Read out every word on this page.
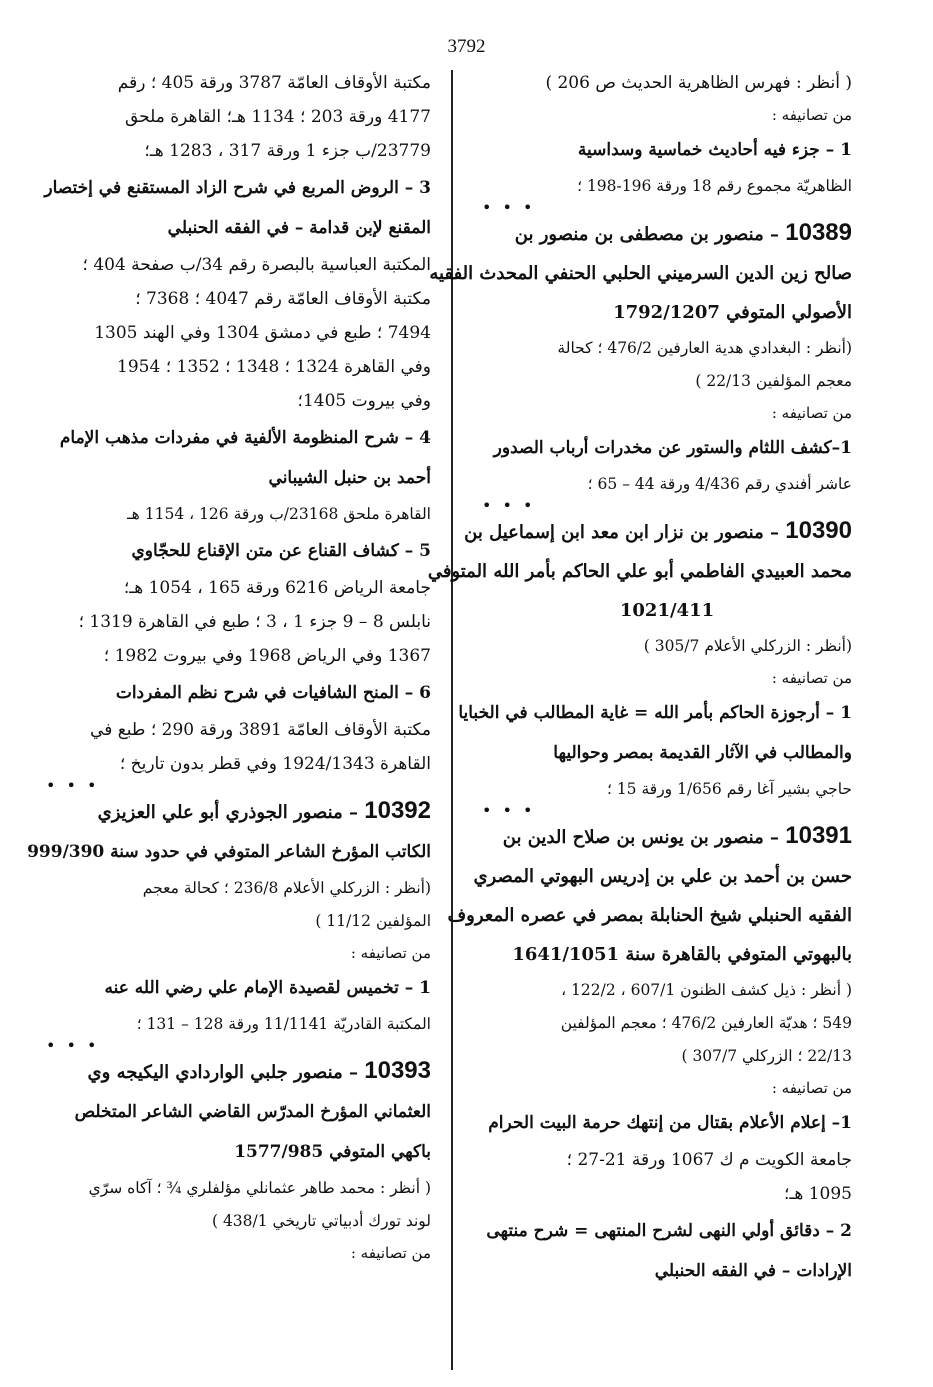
3792

( أنظر : فهرس الظاهرية الحديث ص 206 )

من تصانيفه :

1 – جزء فيه أحاديث خماسية وسداسية

الظاهريّة مجموع رقم 18 ورقة 196-198 ؛

• • •

10389 – منصور بن مصطفى بن منصور بن

صالح زين الدين السرميني الحلبي الحنفي المحدث الفقيه

الأصولي المتوفي 1792/1207

(أنظر : البغدادي هدية العارفين 476/2 ؛ كحالة

معجم المؤلفين 22/13 )

من تصانيفه :

1–كشف اللثام والستور عن مخدرات أرباب الصدور

عاشر أفندي رقم 4/436 ورقة 44 – 65 ؛

• • •

10390 – منصور بن نزار ابن معد ابن إسماعيل بن

محمد العبيدي الفاطمي أبو علي الحاكم بأمر الله المتوفي

1021/411

(أنظر : الزركلي الأعلام 305/7 )

من تصانيفه :

1 – أرجوزة الحاكم بأمر الله = غاية المطالب في الخبايا

والمطالب في الآثار القديمة بمصر وحواليها

حاجي بشير آغا رقم 1/656 ورقة 15 ؛

• • •

10391 – منصور بن يونس بن صلاح الدين بن

حسن بن أحمد بن علي بن إدريس البهوتي المصري

الفقيه الحنبلي شيخ الحنابلة بمصر في عصره المعروف

بالبهوتي المتوفي بالقاهرة سنة 1641/1051

( أنظر : ذيل كشف الظنون 607/1 ، 122/2 ،

549 ؛ هديّة العارفين 476/2 ؛ معجم المؤلفين

22/13 ؛ الزركلي 307/7 )

من تصانيفه :

1– إعلام الأعلام بقتال من إنتهك حرمة البيت الحرام

جامعة الكويت م ك 1067 ورقة 21-27 ؛

1095 هـ؛

2 – دقائق أولي النهى لشرح المنتهى = شرح منتهى

الإرادات – في الفقه الحنبلي

مكتبة الأوقاف العامّة 3787 ورقة 405 ؛ رقم

4177 ورقة 203 ؛ 1134 هـ؛ القاهرة ملحق

23779/ب جزء 1 ورقة 317 ، 1283 هـ؛

3 – الروض المربع في شرح الزاد المستقنع في إختصار

المقنع لإبن قدامة – في الفقه الحنبلي

المكتبة العباسية بالبصرة رقم 34/ب صفحة 404 ؛

مكتبة الأوقاف العامّة رقم 4047 ؛ 7368 ؛

7494 ؛ طبع في دمشق 1304 وفي الهند 1305

وفي القاهرة 1324 ؛ 1348 ؛ 1352 ؛ 1954

وفي بيروت 1405؛

4 – شرح المنظومة الألفية في مفردات مذهب الإمام

أحمد بن حنبل الشيباني

القاهرة ملحق 23168/ب ورقة 126 ، 1154 هـ

5 – كشاف القناع عن متن الإقناع للحجّاوي

جامعة الرياض 6216 ورقة 165 ، 1054 هـ؛

نابلس 8 – 9 جزء 1 ، 3 ؛ طبع في القاهرة 1319 ؛

1367 وفي الرياض 1968 وفي بيروت 1982 ؛

6 – المنح الشافيات في شرح نظم المفردات

مكتبة الأوقاف العامّة 3891 ورقة 290 ؛ طبع في

القاهرة 1924/1343 وفي قطر بدون تاريخ ؛

• • •

10392 – منصور الجوذري أبو علي العزيزي

الكاتب المؤرخ الشاعر المتوفي في حدود سنة 999/390

(أنظر : الزركلي الأعلام 236/8 ؛ كحالة معجم

المؤلفين 11/12 )

من تصانيفه :

1 – تخميس لقصيدة الإمام علي رضي الله عنه

المكتبة القادريّة 11/1141 ورقة 128 – 131 ؛

• • •

10393 – منصور جلبي الواردادي اليكيجه وي

العثماني المؤرخ المدرّس القاضي الشاعر المتخلص

باكهي المتوفي 1577/985

( أنظر : محمد طاهر عثمانلي مؤلفلري ¾ ؛ آكاه سرّي

لوند تورك أدبياتي تاريخي 438/1 )

من تصانيفه :
